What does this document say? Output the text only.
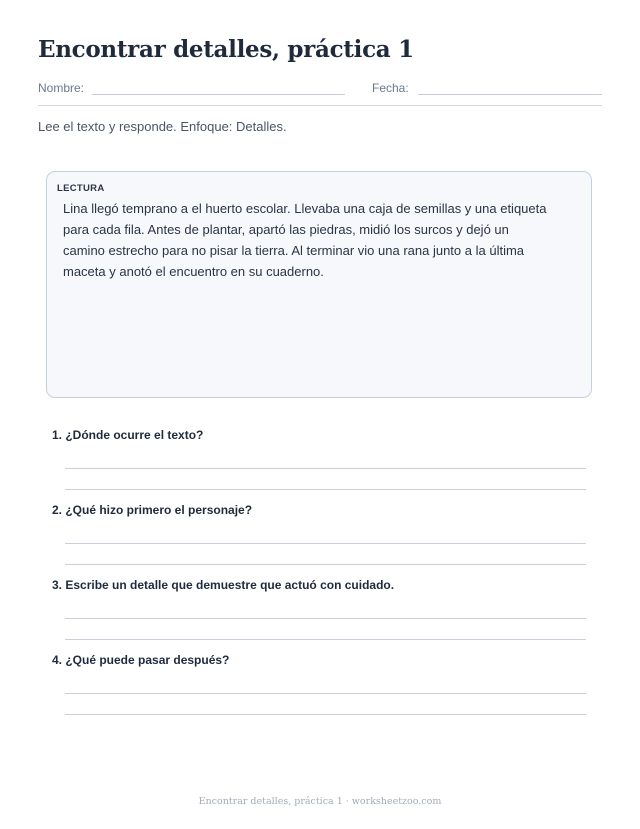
Encontrar detalles, práctica 1
Nombre:	Fecha:
Lee el texto y responde. Enfoque: Detalles.
LECTURA
Lina llegó temprano a el huerto escolar. Llevaba una caja de semillas y una etiqueta para cada fila. Antes de plantar, apartó las piedras, midió los surcos y dejó un camino estrecho para no pisar la tierra. Al terminar vio una rana junto a la última maceta y anotó el encuentro en su cuaderno.
1. ¿Dónde ocurre el texto?
2. ¿Qué hizo primero el personaje?
3. Escribe un detalle que demuestre que actuó con cuidado.
4. ¿Qué puede pasar después?
Encontrar detalles, práctica 1 · worksheetzoo.com
